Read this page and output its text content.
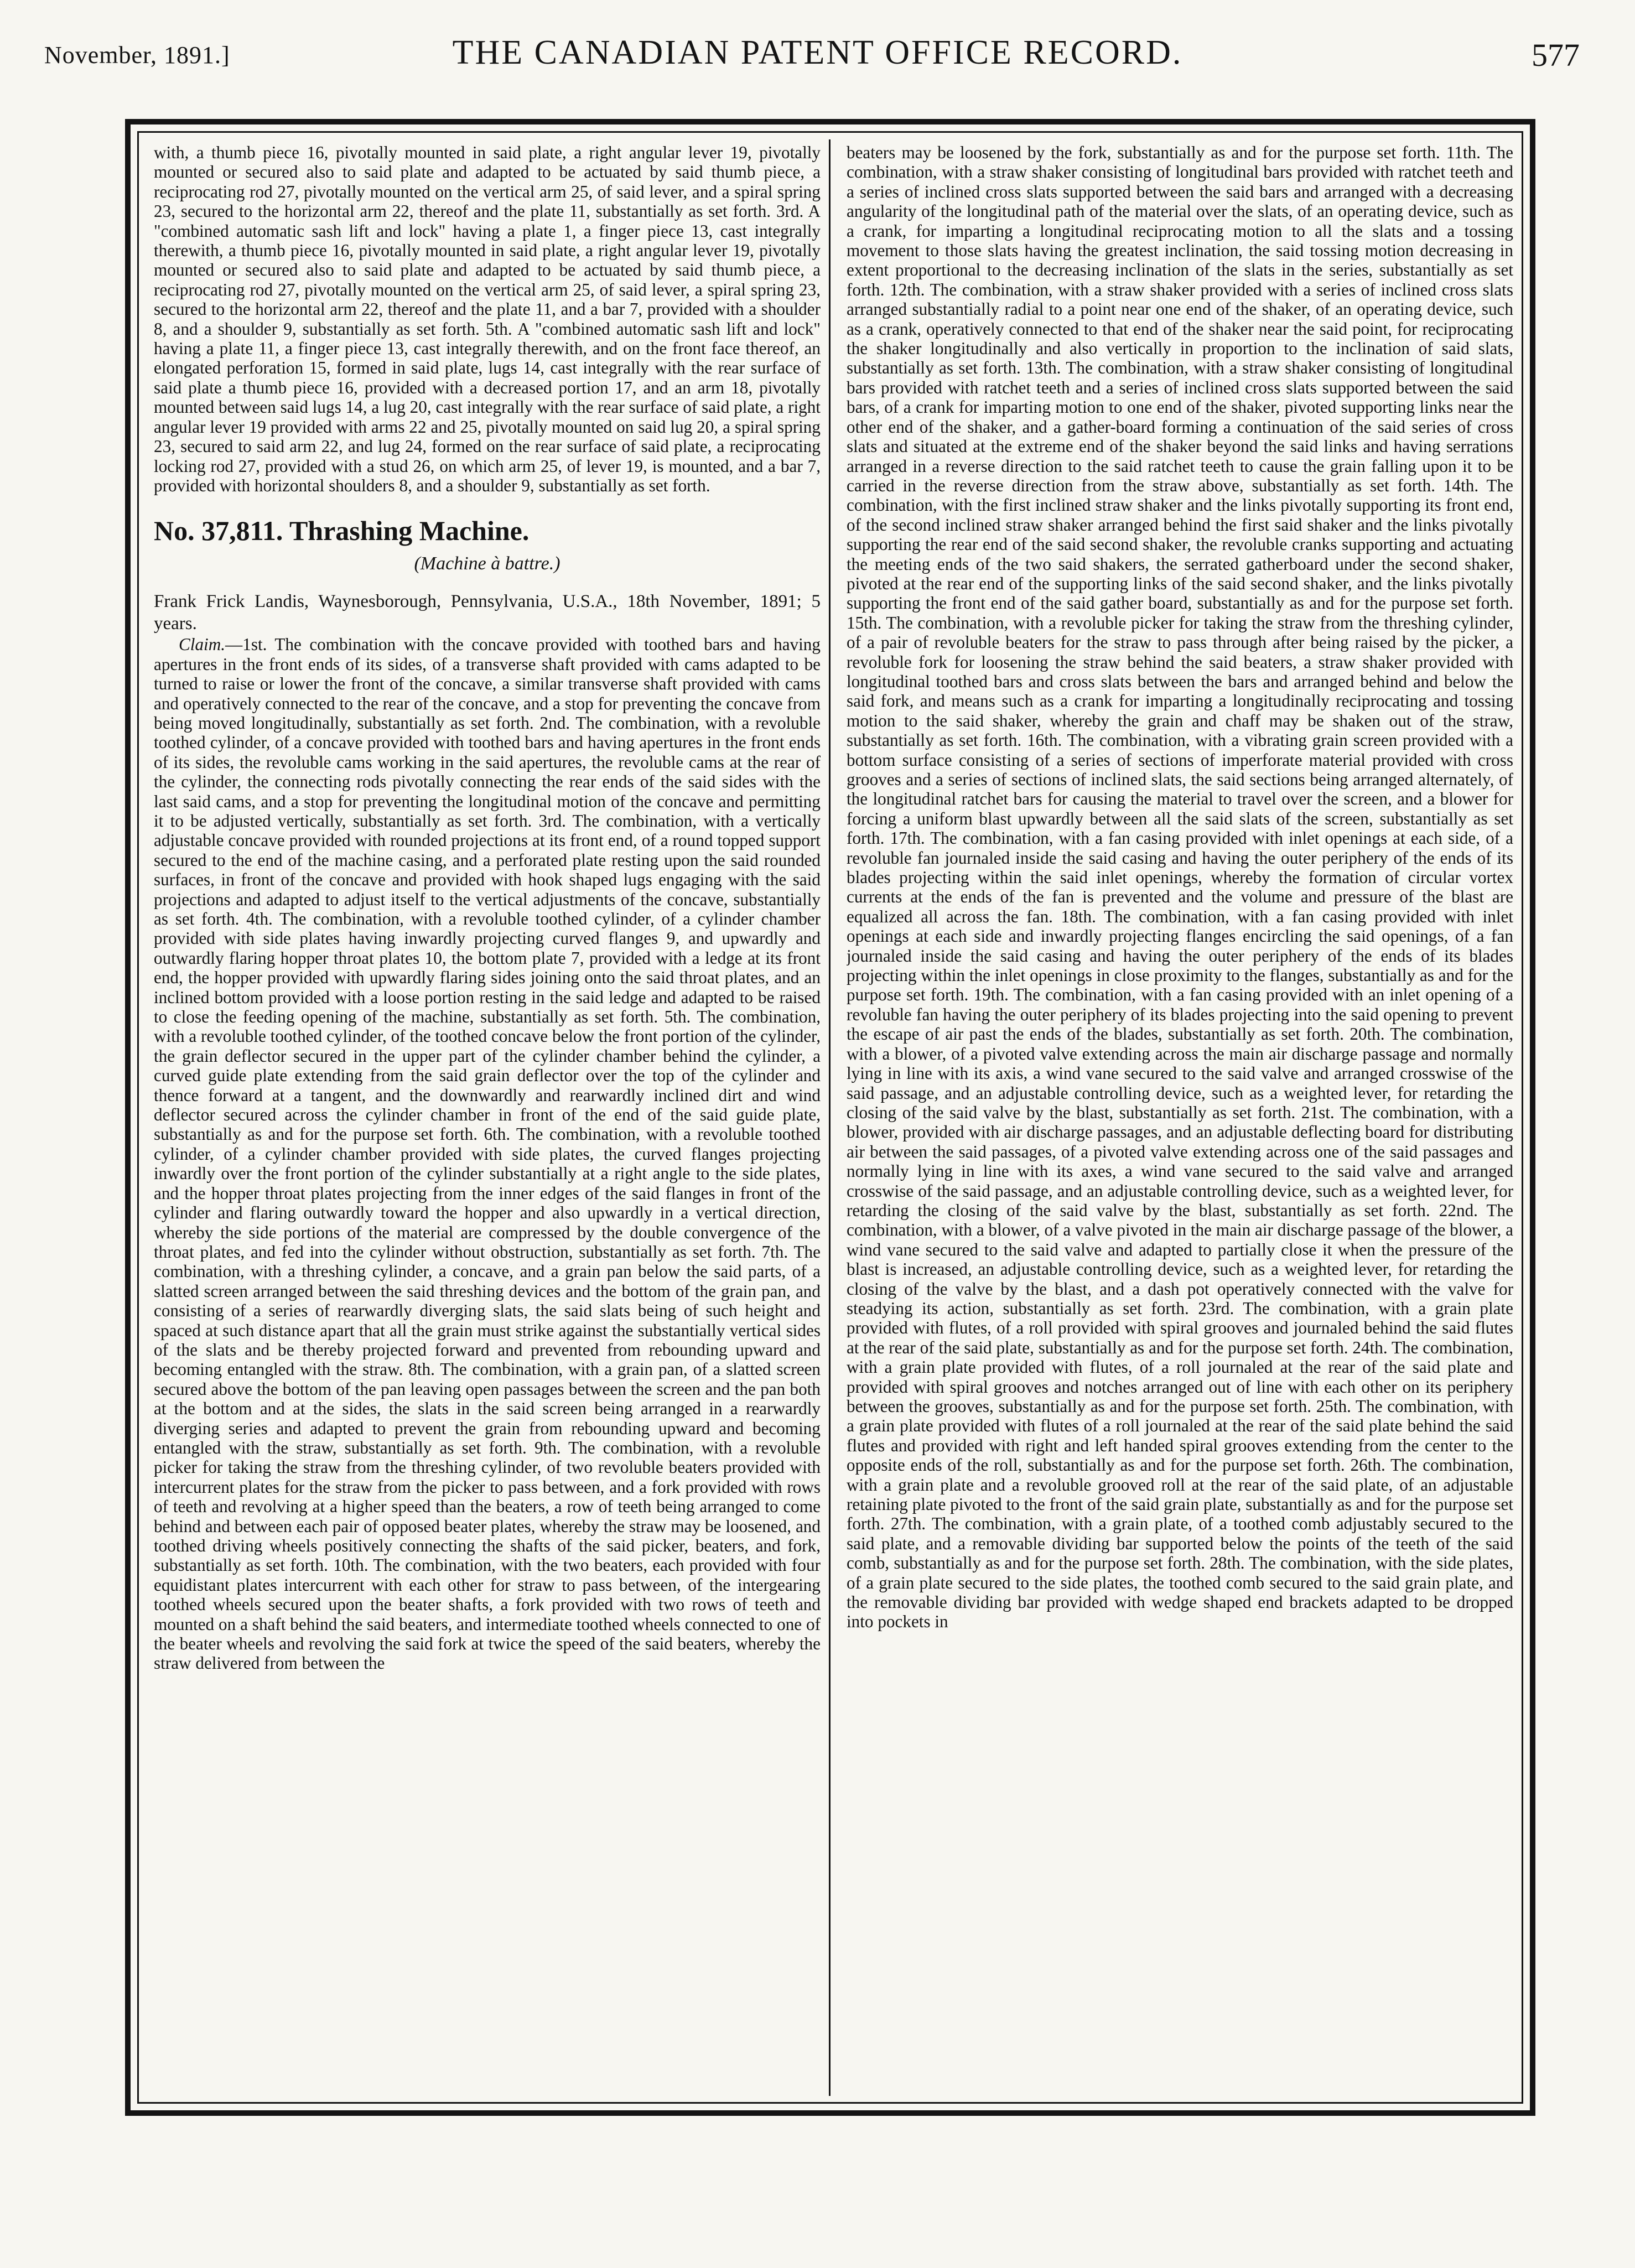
November, 1891.]	THE CANADIAN PATENT OFFICE RECORD.	577

with, a thumb piece 16, pivotally mounted in said plate, a right angular lever 19, pivotally mounted or secured also to said plate and adapted to be actuated by said thumb piece, a reciprocating rod 27, pivotally mounted on the vertical arm 25, of said lever, and a spiral spring 23, secured to the horizontal arm 22, thereof and the plate 11, substantially as set forth. 3rd. A "combined automatic sash lift and lock" having a plate 1, a finger piece 13, cast integrally therewith, a thumb piece 16, pivotally mounted in said plate, a right angular lever 19, pivotally mounted or secured also to said plate and adapted to be actuated by said thumb piece, a reciprocating rod 27, pivotally mounted on the vertical arm 25, of said lever, a spiral spring 23, secured to the horizontal arm 22, thereof and the plate 11, and a bar 7, provided with a shoulder 8, and a shoulder 9, substantially as set forth. 5th. A "combined automatic sash lift and lock" having a plate 11, a finger piece 13, cast integrally therewith, and on the front face thereof, an elongated perforation 15, formed in said plate, lugs 14, cast integrally with the rear surface of said plate a thumb piece 16, provided with a decreased portion 17, and an arm 18, pivotally mounted between said lugs 14, a lug 20, cast integrally with the rear surface of said plate, a right angular lever 19 provided with arms 22 and 25, pivotally mounted on said lug 20, a spiral spring 23, secured to said arm 22, and lug 24, formed on the rear surface of said plate, a reciprocating locking rod 27, provided with a stud 26, on which arm 25, of lever 19, is mounted, and a bar 7, provided with horizontal shoulders 8, and a shoulder 9, substantially as set forth.

No. 37,811. Thrashing Machine.
(Machine à battre.)

Frank Frick Landis, Waynesborough, Pennsylvania, U.S.A., 18th November, 1891; 5 years.

Claim.—1st. The combination with the concave provided with toothed bars and having apertures in the front ends of its sides, of a transverse shaft provided with cams adapted to be turned to raise or lower the front of the concave, a similar transverse shaft provided with cams and operatively connected to the rear of the concave, and a stop for preventing the concave from being moved longitudinally, substantially as set forth. 2nd. The combination, with a revoluble toothed cylinder, of a concave provided with toothed bars and having apertures in the front ends of its sides, the revoluble cams working in the said apertures, the revoluble cams at the rear of the cylinder, the connecting rods pivotally connecting the rear ends of the said sides with the last said cams, and a stop for preventing the longitudinal motion of the concave and permitting it to be adjusted vertically, substantially as set forth. 3rd. The combination, with a vertically adjustable concave provided with rounded projections at its front end, of a round topped support secured to the end of the machine casing, and a perforated plate resting upon the said rounded surfaces, in front of the concave and provided with hook shaped lugs engaging with the said projections and adapted to adjust itself to the vertical adjustments of the concave, substantially as set forth. 4th. The combination, with a revoluble toothed cylinder, of a cylinder chamber provided with side plates having inwardly projecting curved flanges 9, and upwardly and outwardly flaring hopper throat plates 10, the bottom plate 7, provided with a ledge at its front end, the hopper provided with upwardly flaring sides joining onto the said throat plates, and an inclined bottom provided with a loose portion resting in the said ledge and adapted to be raised to close the feeding opening of the machine, substantially as set forth. 5th. The combination, with a revoluble toothed cylinder, of the toothed concave below the front portion of the cylinder, the grain deflector secured in the upper part of the cylinder chamber behind the cylinder, a curved guide plate extending from the said grain deflector over the top of the cylinder and thence forward at a tangent, and the downwardly and rearwardly inclined dirt and wind deflector secured across the cylinder chamber in front of the end of the said guide plate, substantially as and for the purpose set forth. 6th. The combination, with a revoluble toothed cylinder, of a cylinder chamber provided with side plates, the curved flanges projecting inwardly over the front portion of the cylinder substantially at a right angle to the side plates, and the hopper throat plates projecting from the inner edges of the said flanges in front of the cylinder and flaring outwardly toward the hopper and also upwardly in a vertical direction, whereby the side portions of the material are compressed by the double convergence of the throat plates, and fed into the cylinder without obstruction, substantially as set forth. 7th. The combination, with a threshing cylinder, a concave, and a grain pan below the said parts, of a slatted screen arranged between the said threshing devices and the bottom of the grain pan, and consisting of a series of rearwardly diverging slats, the said slats being of such height and spaced at such distance apart that all the grain must strike against the substantially vertical sides of the slats and be thereby projected forward and prevented from rebounding upward and becoming entangled with the straw. 8th. The combination, with a grain pan, of a slatted screen secured above the bottom of the pan leaving open passages between the screen and the pan both at the bottom and at the sides, the slats in the said screen being arranged in a rearwardly diverging series and adapted to prevent the grain from rebounding upward and becoming entangled with the straw, substantially as set forth. 9th. The combination, with a revoluble picker for taking the straw from the threshing cylinder, of two revoluble beaters provided with intercurrent plates for the straw from the picker to pass between, and a fork provided with rows of teeth and revolving at a higher speed than the beaters, a row of teeth being arranged to come behind and between each pair of opposed beater plates, whereby the straw may be loosened, and toothed driving wheels positively connecting the shafts of the said picker, beaters, and fork, substantially as set forth. 10th. The combination, with the two beaters, each provided with four equidistant plates intercurrent with each other for straw to pass between, of the intergearing toothed wheels secured upon the beater shafts, a fork provided with two rows of teeth and mounted on a shaft behind the said beaters, and intermediate toothed wheels connected to one of the beater wheels and revolving the said fork at twice the speed of the said beaters, whereby the straw delivered from between the

beaters may be loosened by the fork, substantially as and for the purpose set forth. 11th. The combination, with a straw shaker consisting of longitudinal bars provided with ratchet teeth and a series of inclined cross slats supported between the said bars and arranged with a decreasing angularity of the longitudinal path of the material over the slats, of an operating device, such as a crank, for imparting a longitudinal reciprocating motion to all the slats and a tossing movement to those slats having the greatest inclination, the said tossing motion decreasing in extent proportional to the decreasing inclination of the slats in the series, substantially as set forth. 12th. The combination, with a straw shaker provided with a series of inclined cross slats arranged substantially radial to a point near one end of the shaker, of an operating device, such as a crank, operatively connected to that end of the shaker near the said point, for reciprocating the shaker longitudinally and also vertically in proportion to the inclination of said slats, substantially as set forth. 13th. The combination, with a straw shaker consisting of longitudinal bars provided with ratchet teeth and a series of inclined cross slats supported between the said bars, of a crank for imparting motion to one end of the shaker, pivoted supporting links near the other end of the shaker, and a gather-board forming a continuation of the said series of cross slats and situated at the extreme end of the shaker beyond the said links and having serrations arranged in a reverse direction to the said ratchet teeth to cause the grain falling upon it to be carried in the reverse direction from the straw above, substantially as set forth. 14th. The combination, with the first inclined straw shaker and the links pivotally supporting its front end, of the second inclined straw shaker arranged behind the first said shaker and the links pivotally supporting the rear end of the said second shaker, the revoluble cranks supporting and actuating the meeting ends of the two said shakers, the serrated gatherboard under the second shaker, pivoted at the rear end of the supporting links of the said second shaker, and the links pivotally supporting the front end of the said gather board, substantially as and for the purpose set forth. 15th. The combination, with a revoluble picker for taking the straw from the threshing cylinder, of a pair of revoluble beaters for the straw to pass through after being raised by the picker, a revoluble fork for loosening the straw behind the said beaters, a straw shaker provided with longitudinal toothed bars and cross slats between the bars and arranged behind and below the said fork, and means such as a crank for imparting a longitudinally reciprocating and tossing motion to the said shaker, whereby the grain and chaff may be shaken out of the straw, substantially as set forth. 16th. The combination, with a vibrating grain screen provided with a bottom surface consisting of a series of sections of imperforate material provided with cross grooves and a series of sections of inclined slats, the said sections being arranged alternately, of the longitudinal ratchet bars for causing the material to travel over the screen, and a blower for forcing a uniform blast upwardly between all the said slats of the screen, substantially as set forth. 17th. The combination, with a fan casing provided with inlet openings at each side, of a revoluble fan journaled inside the said casing and having the outer periphery of the ends of its blades projecting within the said inlet openings, whereby the formation of circular vortex currents at the ends of the fan is prevented and the volume and pressure of the blast are equalized all across the fan. 18th. The combination, with a fan casing provided with inlet openings at each side and inwardly projecting flanges encircling the said openings, of a fan journaled inside the said casing and having the outer periphery of the ends of its blades projecting within the inlet openings in close proximity to the flanges, substantially as and for the purpose set forth. 19th. The combination, with a fan casing provided with an inlet opening of a revoluble fan having the outer periphery of its blades projecting into the said opening to prevent the escape of air past the ends of the blades, substantially as set forth. 20th. The combination, with a blower, of a pivoted valve extending across the main air discharge passage and normally lying in line with its axis, a wind vane secured to the said valve and arranged crosswise of the said passage, and an adjustable controlling device, such as a weighted lever, for retarding the closing of the said valve by the blast, substantially as set forth. 21st. The combination, with a blower, provided with air discharge passages, and an adjustable deflecting board for distributing air between the said passages, of a pivoted valve extending across one of the said passages and normally lying in line with its axes, a wind vane secured to the said valve and arranged crosswise of the said passage, and an adjustable controlling device, such as a weighted lever, for retarding the closing of the said valve by the blast, substantially as set forth. 22nd. The combination, with a blower, of a valve pivoted in the main air discharge passage of the blower, a wind vane secured to the said valve and adapted to partially close it when the pressure of the blast is increased, an adjustable controlling device, such as a weighted lever, for retarding the closing of the valve by the blast, and a dash pot operatively connected with the valve for steadying its action, substantially as set forth. 23rd. The combination, with a grain plate provided with flutes, of a roll provided with spiral grooves and journaled behind the said flutes at the rear of the said plate, substantially as and for the purpose set forth. 24th. The combination, with a grain plate provided with flutes, of a roll journaled at the rear of the said plate and provided with spiral grooves and notches arranged out of line with each other on its periphery between the grooves, substantially as and for the purpose set forth. 25th. The combination, with a grain plate provided with flutes of a roll journaled at the rear of the said plate behind the said flutes and provided with right and left handed spiral grooves extending from the center to the opposite ends of the roll, substantially as and for the purpose set forth. 26th. The combination, with a grain plate and a revoluble grooved roll at the rear of the said plate, of an adjustable retaining plate pivoted to the front of the said grain plate, substantially as and for the purpose set forth. 27th. The combination, with a grain plate, of a toothed comb adjustably secured to the said plate, and a removable dividing bar supported below the points of the teeth of the said comb, substantially as and for the purpose set forth. 28th. The combination, with the side plates, of a grain plate secured to the side plates, the toothed comb secured to the said grain plate, and the removable dividing bar provided with wedge shaped end brackets adapted to be dropped into pockets in
